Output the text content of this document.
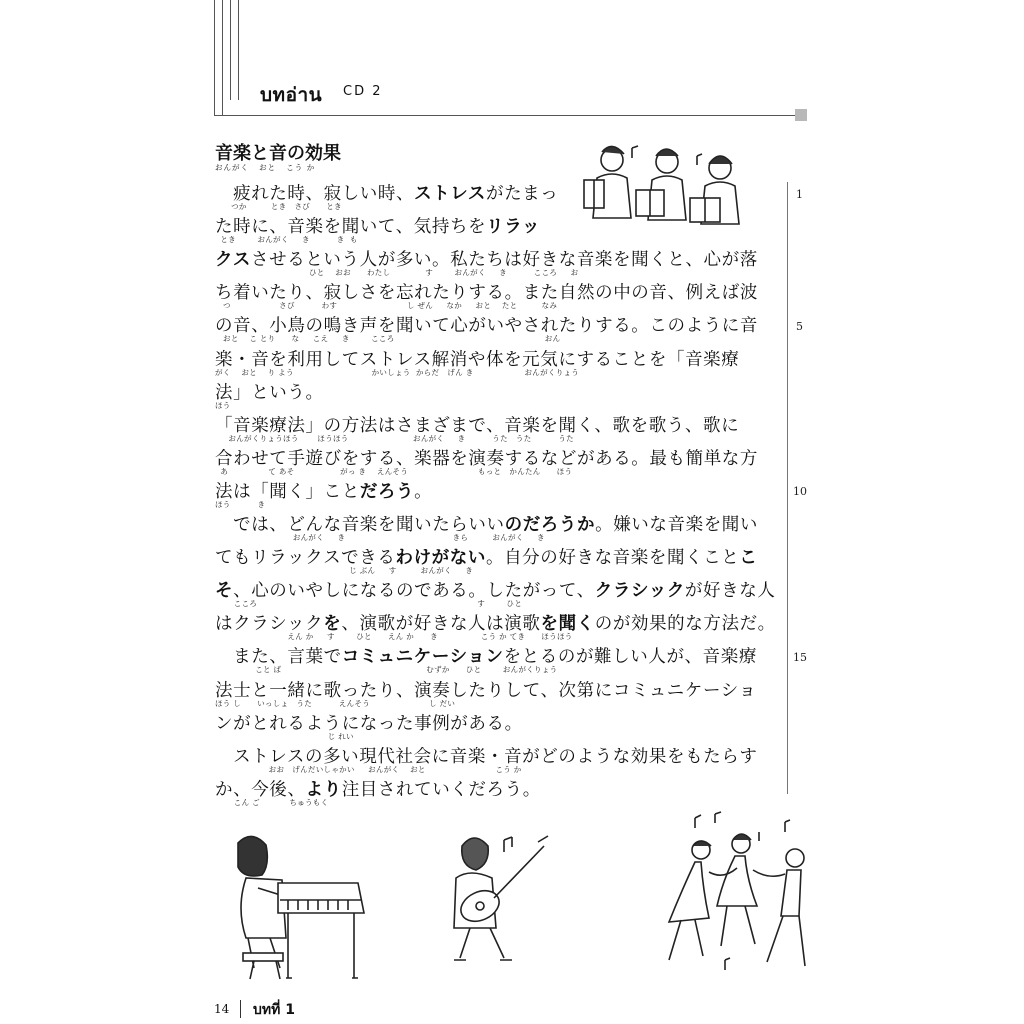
บทอ่าน CD 2
音楽と音の効果
おんがく   おと   こう か
　疲れた時、寂しい時、ストレスがたまっ
つか         とき   さび      とき
た時に、音楽を聞いて、気持ちをリラッ
とき        おんがく     き          き  も
クスさせるという人が多い。私たちは好きな音楽を聞くと、心が落
ひと    おお      わたし             す        おんがく     き          こころ     お
ち着いたり、寂しさを忘れたりする。また自然の中の音、例えば波
つ                  さび          わす                          し ぜん     なか     おと    たと         なみ
の音、小鳥の鳴き声を聞いて心がいやされたりする。このように音
おと    こ とり      な     こえ     き        こころ                                                        おん
楽・音を利用してストレス解消や体を元気にすることを「音楽療
がく    おと    り よう                             かいしょう  からだ   げん き                   おんがくりょう
法」という。
ほう
「音楽療法」の方法はさまざまで、音楽を聞く、歌を歌う、歌に
おんがくりょうほう       ほうほう                        おんがく     き          うた   うた          うた
合わせて手遊びをする、楽器を演奏するなどがある。最も簡単な方
あ               て あそ                 がっ き    えんそう                          もっと   かんたん      ほう
法は「聞く」ことだろう。
ほう          き
　では、どんな音楽を聞いたらいいのだろうか。嫌いな音楽を聞い
おんがく     き                                        きら         おんがく     き
てもリラックスできるわけがない。自分の好きな音楽を聞くことこ
じ ぶん     す         おんがく     き
そ、心のいやしになるのである。したがって、クラシックが好きな人
こころ                                                                                  す        ひと
はクラシックを、演歌が好きな人は演歌を聞くのが効果的な方法だ。
えん か     す        ひと      えん か      き                こう か てき      ほうほう
　また、言葉でコミュニケーションをとるのが難しい人が、音楽療
こと ば                                                      むずか      ひと        おんがくりょう
法士と一緒に歌ったり、演奏したりして、次第にコミュニケーショ
ほう し      いっしょ   うた          えんそう                      し だい
ンがとれるようになった事例がある。
じ れい
　ストレスの多い現代社会に音楽・音がどのような効果をもたらす
おお   げんだいしゃかい     おんがく    おと                          こう か
か、今後、より注目されていくだろう。
こん ご           ちゅうもく
1
5
10
15
14 บทที่ 1
